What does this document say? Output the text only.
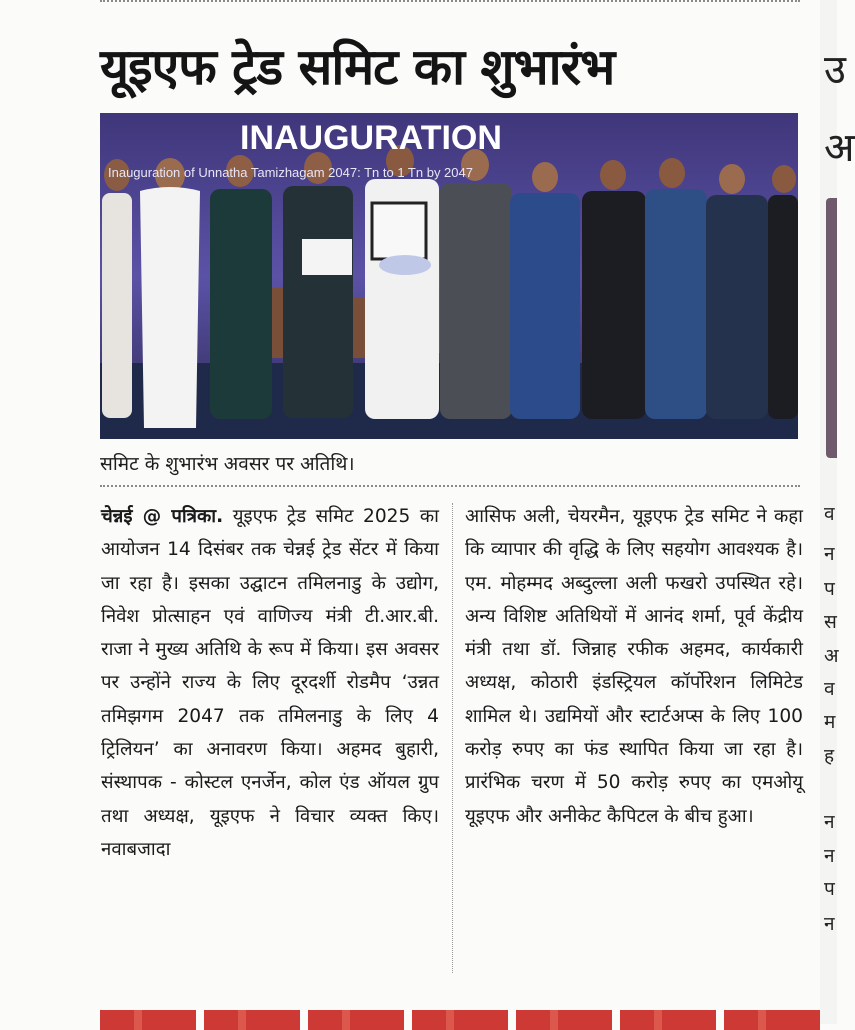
यूइएफ ट्रेड समिट का शुभारंभ
INAUGURATION
Inauguration of Unnatha Tamizhagam 2047: Tn to 1 Tn by 2047
समिट के शुभारंभ अवसर पर अतिथि।
चेन्नई @ पत्रिका. यूइएफ ट्रेड समिट 2025 का आयोजन 14 दिसंबर तक चेन्नई ट्रेड सेंटर में किया जा रहा है। इसका उद्घाटन तमिलनाडु के उद्योग, निवेश प्रोत्साहन एवं वाणिज्य मंत्री टी.आर.बी. राजा ने मुख्य अतिथि के रूप में किया। इस अवसर पर उन्होंने राज्य के लिए दूरदर्शी रोडमैप ‘उन्नत तमिझगम 2047 तक तमिलनाडु के लिए 4 ट्रिलियन’ का अनावरण किया। अहमद बुहारी, संस्थापक - कोस्टल एनर्जेन, कोल एंड ऑयल ग्रुप तथा अध्यक्ष, यूइएफ ने विचार व्यक्त किए। नवाबजादा
आसिफ अली, चेयरमैन, यूइएफ ट्रेड समिट ने कहा कि व्यापार की वृद्धि के लिए सहयोग आवश्यक है। एम. मोहम्मद अब्दुल्ला अली फखरो उपस्थित रहे। अन्य विशिष्ट अतिथियों में आनंद शर्मा, पूर्व केंद्रीय मंत्री तथा डॉ. जिन्नाह रफीक अहमद, कार्यकारी अध्यक्ष, कोठारी इंडस्ट्रियल कॉर्पोरेशन लिमिटेड शामिल थे। उद्यमियों और स्टार्टअप्स के लिए 100 करोड़ रुपए का फंड स्थापित किया जा रहा है। प्रारंभिक चरण में 50 करोड़ रुपए का एमओयू यूइएफ और अनीकेट कैपिटल के बीच हुआ।
उ
अ
व
न
प
स
अ
व
म
ह
न
न
प
न
